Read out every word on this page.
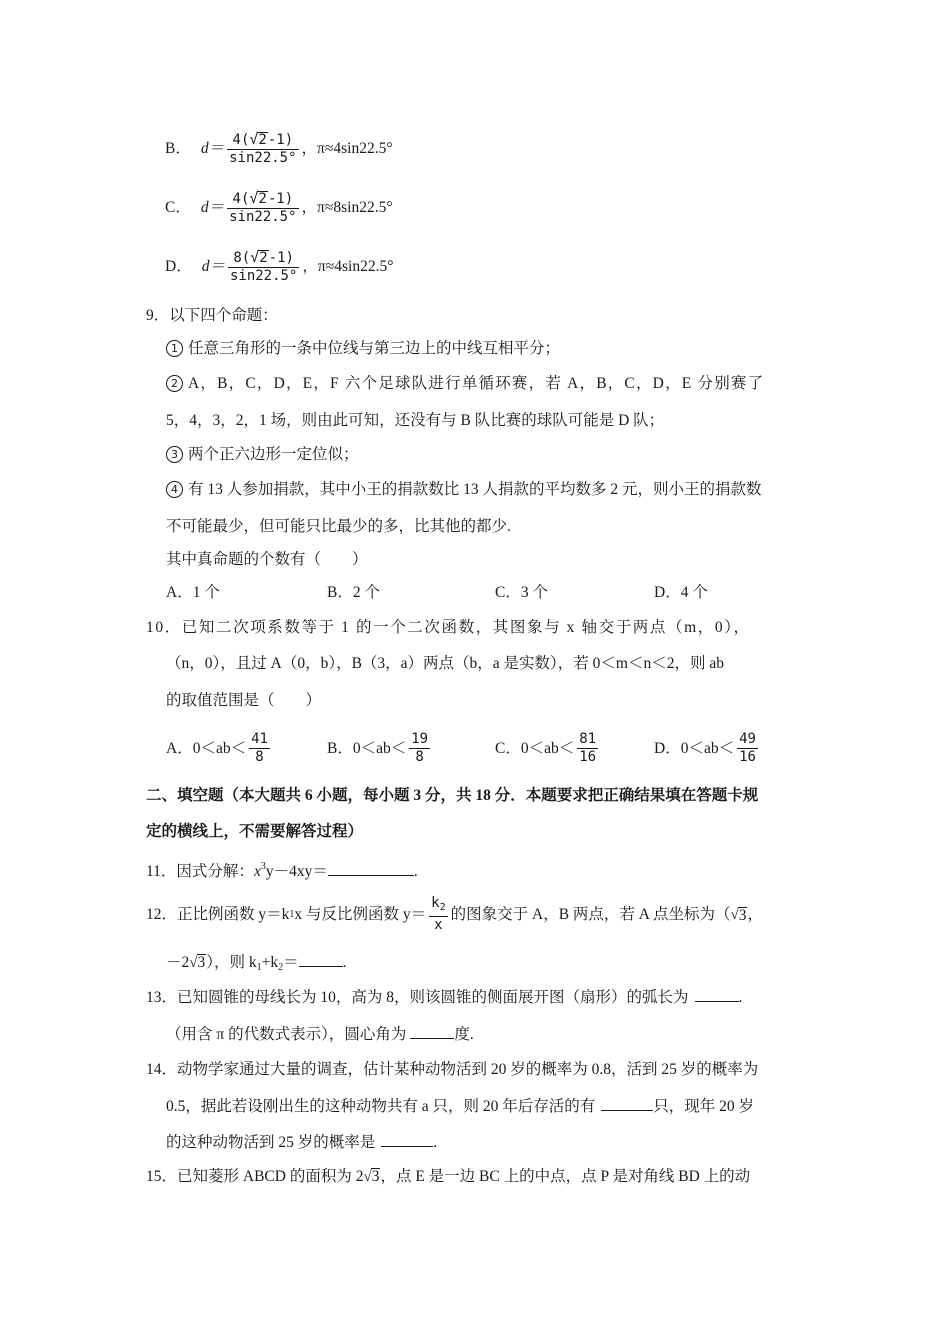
B． $d= \frac{4(√2-1)}{\sin 22.5^\circ}$ ，π≈4sin22.5°
C． $d= \frac{4(√2-1)}{\sin 22.5^\circ}$ ，π≈8sin22.5°
D． $d= \frac{8(√2-1)}{\sin 22.5^\circ}$ ，π≈4sin22.5°
9．以下四个命题：
1 任意三角形的一条中位线与第三边上的中线互相平分；
2 A，B，C，D，E，F 六个足球队进行单循环赛，若 A，B，C，D，E 分别赛了
5，4，3，2，1 场，则由此可知，还没有与 B 队比赛的球队可能是 D 队；
3 两个正六边形一定位似；
4 有 13 人参加捐款，其中小王的捐款数比 13 人捐款的平均数多 2 元，则小王的捐款数
不可能最少，但可能只比最少的多，比其他的都少.
其中真命题的个数有（　　）
A．1 个	B．2 个	C．3 个	D．4 个
10．已知二次项系数等于 1 的一个二次函数，其图象与 x 轴交于两点（m，0），
（n，0），且过 A（0，b），B（3，a）两点（b，a 是实数），若 0＜m＜n＜2，则 ab
的取值范围是（　　）
A．$0<ab< \frac{41}{8}$	B．$0<ab< \frac{19}{8}$	C．$0<ab< \frac{81}{16}$	D．$0<ab< \frac{49}{16}$
二、填空题（本大题共 6 小题，每小题 3 分，共 18 分．本题要求把正确结果填在答题卡规
定的横线上，不需要解答过程）
11．因式分解：$x^3y-4xy=$	.
12．正比例函数 y＝k 1 x 与反比例函数 $y= \frac{k_2}{x}$ 的图象交于 A，B 两点，若 A 点坐标为（ √ 3 ，
－2√3），则 $k_1+k_2=$	.
13．已知圆锥的母线长为 10，高为 8，则该圆锥的侧面展开图（扇形）的弧长为	.
（用含 π 的代数式表示），圆心角为	度.
14．动物学家通过大量的调查，估计某种动物活到 20 岁的概率为 0.8，活到 25 岁的概率为
0.5，据此若设刚出生的这种动物共有 a 只，则 20 年后存活的有	只，现年 20 岁
的这种动物活到 25 岁的概率是	.
15．已知菱形 ABCD 的面积为 2√3，点 E 是一边 BC 上的中点，点 P 是对角线 BD 上的动
